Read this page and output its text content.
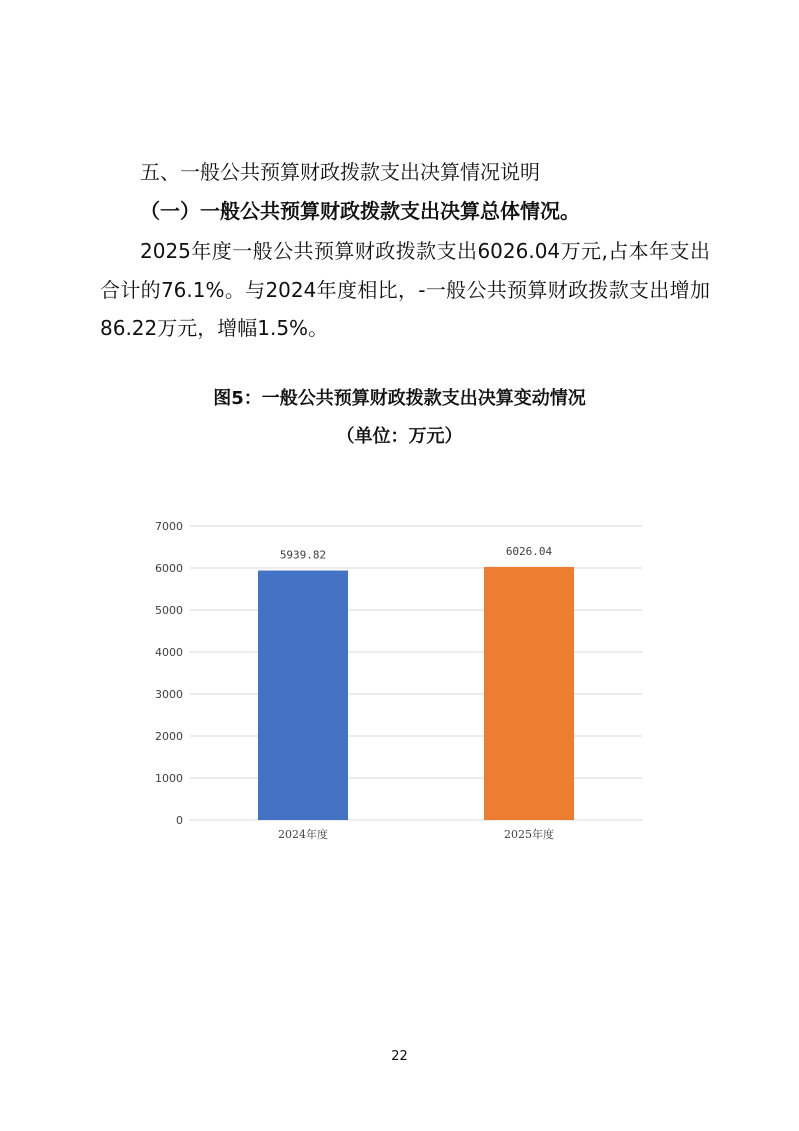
五、一般公共预算财政拨款支出决算情况说明
（一）一般公共预算财政拨款支出决算总体情况。

2025年度一般公共预算财政拨款支出6026.04万元,占本年支出合计的76.1%。与2024年度相比，-一般公共预算财政拨款支出增加86.22万元，增幅1.5%。

图5：一般公共预算财政拨款支出决算变动情况
（单位：万元）
0
1000
2000
3000
4000
5000
6000
7000
5939.82
2024年度
6026.04
2025年度
22
